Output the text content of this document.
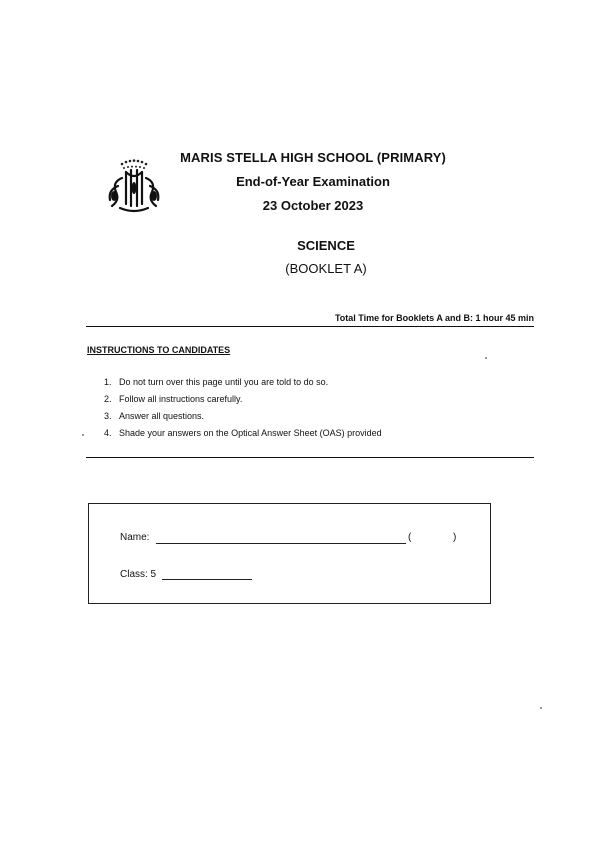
MARIS STELLA HIGH SCHOOL (PRIMARY)
End-of-Year Examination
23 October 2023
SCIENCE
(BOOKLET A)
Total Time for Booklets A and B: 1 hour 45 min
INSTRUCTIONS TO CANDIDATES
1. Do not turn over this page until you are told to do so.
2. Follow all instructions carefully.
3. Answer all questions.
4. Shade your answers on the Optical Answer Sheet (OAS) provided
Name:	(	)
Class: 5
